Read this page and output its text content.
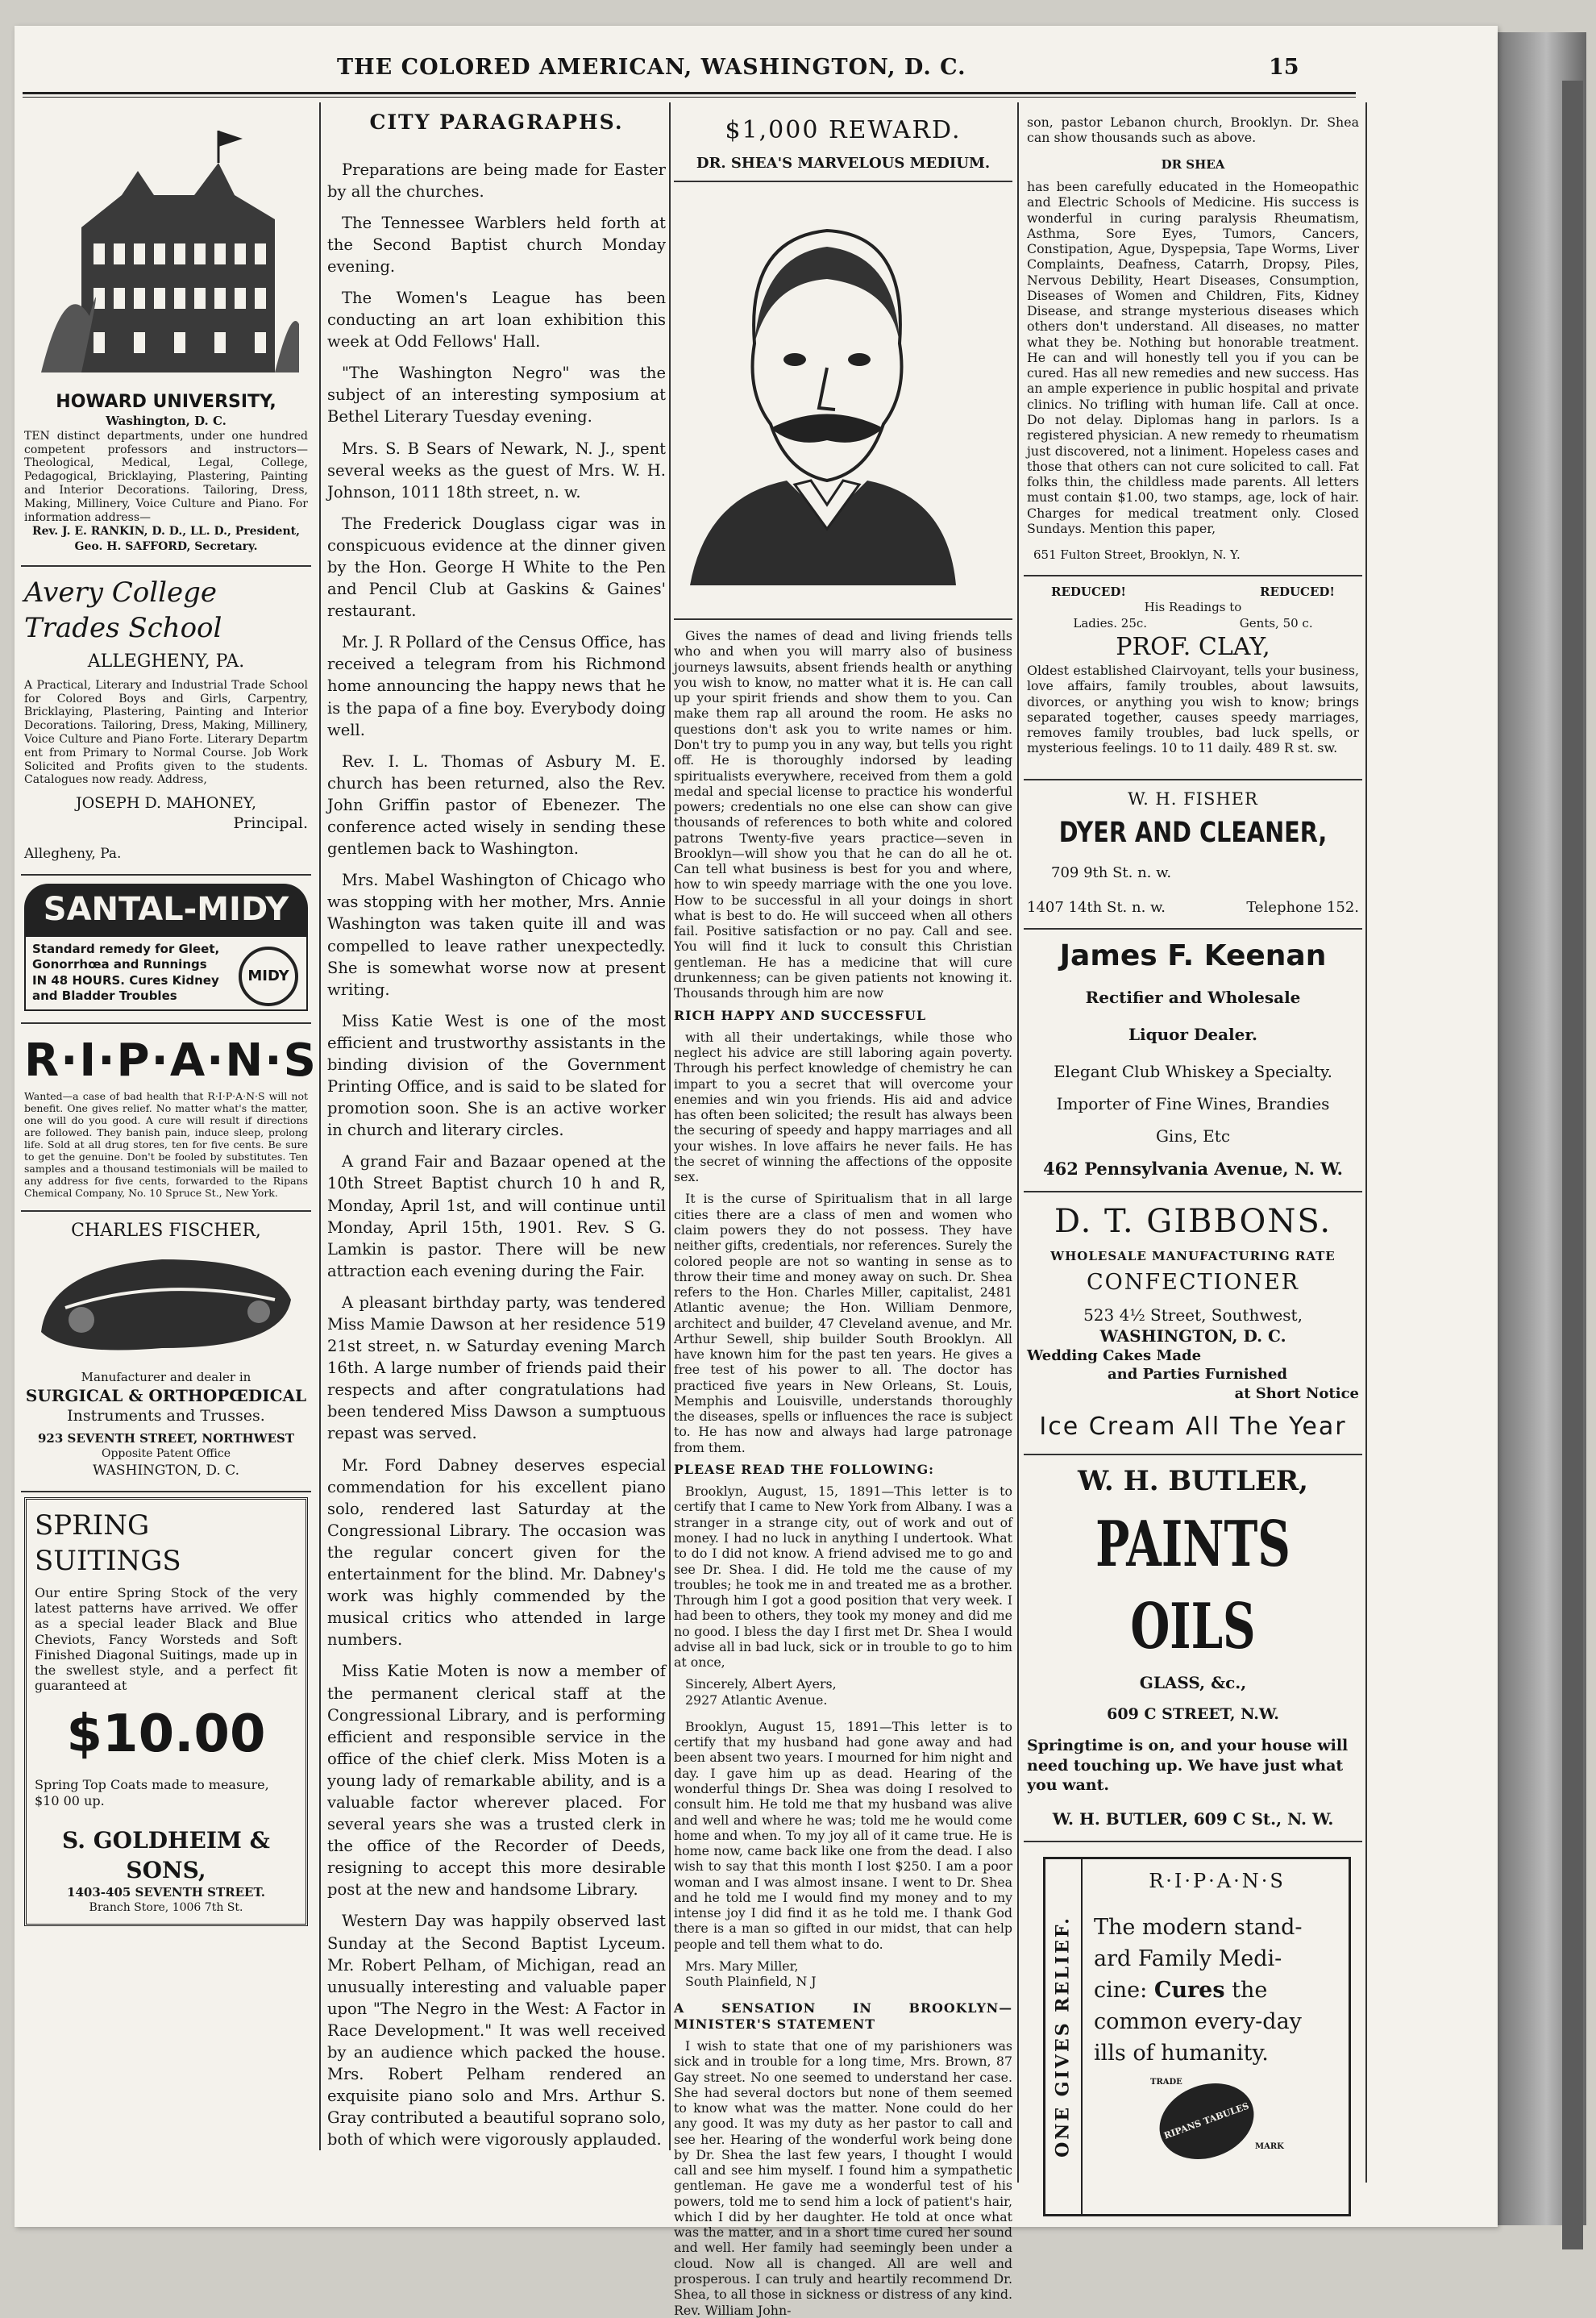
THE COLORED AMERICAN, WASHINGTON, D. C.	15
HOWARD UNIVERSITY,
Washington, D. C.
TEN distinct departments, under one hundred competent professors and instructors—Theological, Medical, Legal, College, Pedagogical, Bricklaying, Plastering, Painting and Interior Decorations. Tailoring, Dress, Making, Millinery, Voice Culture and Piano. For information address—
Rev. J. E. RANKIN, D. D., LL. D., President,
Geo. H. SAFFORD, Secretary.
Avery College Trades School
ALLEGHENY, PA.
A Practical, Literary and Industrial Trade School for Colored Boys and Girls, Carpentry, Bricklaying, Plastering, Painting and Interior Decorations. Tailoring, Dress, Making, Millinery, Voice Culture and Piano Forte. Literary Departm ent from Primary to Normal Course. Job Work Solicited and Profits given to the students. Catalogues now ready. Address,
JOSEPH D. MAHONEY,
Principal.
Allegheny, Pa.
SANTAL-MIDY
Standard remedy for Gleet,
Gonorrhœa and Runnings
IN 48 HOURS. Cures Kidney and Bladder Troubles
MIDY
R·I·P·A·N·S
Wanted—a case of bad health that R·I·P·A·N·S will not benefit. One gives relief. No matter what's the matter, one will do you good. A cure will result if directions are followed. They banish pain, induce sleep, prolong life. Sold at all drug stores, ten for five cents. Be sure to get the genuine. Don't be fooled by substitutes. Ten samples and a thousand testimonials will be mailed to any address for five cents, forwarded to the Ripans Chemical Company, No. 10 Spruce St., New York.
CHARLES FISCHER,
Manufacturer and dealer in
SURGICAL & ORTHOPŒDICAL
Instruments and Trusses.
923 SEVENTH STREET, NORTHWEST
Opposite Patent Office
WASHINGTON, D. C.
SPRING
SUITINGS
Our entire Spring Stock of the very latest patterns have arrived. We offer as a special leader Black and Blue Cheviots, Fancy Worsteds and Soft Finished Diagonal Suitings, made up in the swellest style, and a perfect fit guaranteed at
$10.00
Spring Top Coats made to measure, $10 00 up.
S. GOLDHEIM & SONS,
1403-405 SEVENTH STREET.
Branch Store, 1006 7th St.
CITY PARAGRAPHS.

Preparations are being made for Easter by all the churches.

The Tennessee Warblers held forth at the Second Baptist church Monday evening.

The Women's League has been conducting an art loan exhibition this week at Odd Fellows' Hall.

"The Washington Negro" was the subject of an interesting symposium at Bethel Literary Tuesday evening.

Mrs. S. B Sears of Newark, N. J., spent several weeks as the guest of Mrs. W. H. Johnson, 1011 18th street, n. w.

The Frederick Douglass cigar was in conspicuous evidence at the dinner given by the Hon. George H White to the Pen and Pencil Club at Gaskins & Gaines' restaurant.

Mr. J. R Pollard of the Census Office, has received a telegram from his Richmond home announcing the happy news that he is the papa of a fine boy. Everybody doing well.

Rev. I. L. Thomas of Asbury M. E. church has been returned, also the Rev. John Griffin pastor of Ebenezer. The conference acted wisely in sending these gentlemen back to Washington.

Mrs. Mabel Washington of Chicago who was stopping with her mother, Mrs. Annie Washington was taken quite ill and was compelled to leave rather unexpectedly. She is somewhat worse now at present writing.

Miss Katie West is one of the most efficient and trustworthy assistants in the binding division of the Government Printing Office, and is said to be slated for promotion soon. She is an active worker in church and literary circles.

A grand Fair and Bazaar opened at the 10th Street Baptist church 10 h and R, Monday, April 1st, and will continue until Monday, April 15th, 1901. Rev. S G. Lamkin is pastor. There will be new attraction each evening during the Fair.

A pleasant birthday party, was tendered Miss Mamie Dawson at her residence 519 21st street, n. w Saturday evening March 16th. A large number of friends paid their respects and after congratulations had been tendered Miss Dawson a sumptuous repast was served.

Mr. Ford Dabney deserves especial commendation for his excellent piano solo, rendered last Saturday at the Congressional Library. The occasion was the regular concert given for the entertainment for the blind. Mr. Dabney's work was highly commended by the musical critics who attended in large numbers.

Miss Katie Moten is now a member of the permanent clerical staff at the Congressional Library, and is performing efficient and responsible service in the office of the chief clerk. Miss Moten is a young lady of remarkable ability, and is a valuable factor wherever placed. For several years she was a trusted clerk in the office of the Recorder of Deeds, resigning to accept this more desirable post at the new and handsome Library.

Western Day was happily observed last Sunday at the Second Baptist Lyceum. Mr. Robert Pelham, of Michigan, read an unusually interesting and valuable paper upon "The Negro in the West: A Factor in Race Development." It was well received by an audience which packed the house. Mrs. Robert Pelham rendered an exquisite piano solo and Mrs. Arthur S. Gray contributed a beautiful soprano solo, both of which were vigorously applauded.

$1,000 REWARD.
DR. SHEA'S MARVELOUS MEDIUM.

Gives the names of dead and living friends tells who and when you will marry also of business journeys lawsuits, absent friends health or anything you wish to know, no matter what it is. He can call up your spirit friends and show them to you. Can make them rap all around the room. He asks no questions don't ask you to write names or him. Don't try to pump you in any way, but tells you right off. He is thoroughly indorsed by leading spiritualists everywhere, received from them a gold medal and special license to practice his wonderful powers; credentials no one else can show can give thousands of references to both white and colored patrons Twenty-five years practice—seven in Brooklyn—will show you that he can do all he ot. Can tell what business is best for you and where, how to win speedy marriage with the one you love. How to be successful in all your doings in short what is best to do. He will succeed when all others fail. Positive satisfaction or no pay. Call and see. You will find it luck to consult this Christian gentleman. He has a medicine that will cure drunkenness; can be given patients not knowing it. Thousands through him are now

RICH HAPPY AND SUCCESSFUL

with all their undertakings, while those who neglect his advice are still laboring again poverty. Through his perfect knowledge of chemistry he can impart to you a secret that will overcome your enemies and win you friends. His aid and advice has often been solicited; the result has always been the securing of speedy and happy marriages and all your wishes. In love affairs he never fails. He has the secret of winning the affections of the opposite sex.

It is the curse of Spiritualism that in all large cities there are a class of men and women who claim powers they do not possess. They have neither gifts, credentials, nor references. Surely the colored people are not so wanting in sense as to throw their time and money away on such. Dr. Shea refers to the Hon. Charles Miller, capitalist, 2481 Atlantic avenue; the Hon. William Denmore, architect and builder, 47 Cleveland avenue, and Mr. Arthur Sewell, ship builder South Brooklyn. All have known him for the past ten years. He gives a free test of his power to all. The doctor has practiced five years in New Orleans, St. Louis, Memphis and Louisville, understands thoroughly the diseases, spells or influences the race is subject to. He has now and always had large patronage from them.

PLEASE READ THE FOLLOWING:

Brooklyn, August, 15, 1891—This letter is to certify that I came to New York from Albany. I was a stranger in a strange city, out of work and out of money. I had no luck in anything I undertook. What to do I did not know. A friend advised me to go and see Dr. Shea. I did. He told me the cause of my troubles; he took me in and treated me as a brother. Through him I got a good position that very week. I had been to others, they took my money and did me no good. I bless the day I first met Dr. Shea I would advise all in bad luck, sick or in trouble to go to him at once,

Sincerely, Albert Ayers,

2927 Atlantic Avenue.

Brooklyn, August 15, 1891—This letter is to certify that my husband had gone away and had been absent two years. I mourned for him night and day. I gave him up as dead. Hearing of the wonderful things Dr. Shea was doing I resolved to consult him. He told me that my husband was alive and well and where he was; told me he would come home and when. To my joy all of it came true. He is home now, came back like one from the dead. I also wish to say that this month I lost $250. I am a poor woman and I was almost insane. I went to Dr. Shea and he told me I would find my money and to my intense joy I did find it as he told me. I thank God there is a man so gifted in our midst, that can help people and tell them what to do.

Mrs. Mary Miller,

South Plainfield, N J

A SENSATION IN BROOKLYN—MINISTER'S STATEMENT

I wish to state that one of my parishioners was sick and in trouble for a long time, Mrs. Brown, 87 Gay street. No one seemed to understand her case. She had several doctors but none of them seemed to know what was the matter. None could do her any good. It was my duty as her pastor to call and see her. Hearing of the wonderful work being done by Dr. Shea the last few years, I thought I would call and see him myself. I found him a sympathetic gentleman. He gave me a wonderful test of his powers, told me to send him a lock of patient's hair, which I did by her daughter. He told at once what was the matter, and in a short time cured her sound and well. Her family had seemingly been under a cloud. Now all is changed. All are well and prosperous. I can truly and heartily recommend Dr. Shea, to all those in sickness or distress of any kind. Rev. William John-

son, pastor Lebanon church, Brooklyn. Dr. Shea can show thousands such as above.

DR SHEA

has been carefully educated in the Homeopathic and Electric Schools of Medicine. His success is wonderful in curing paralysis Rheumatism, Asthma, Sore Eyes, Tumors, Cancers, Constipation, Ague, Dyspepsia, Tape Worms, Liver Complaints, Deafness, Catarrh, Dropsy, Piles, Nervous Debility, Heart Diseases, Consumption, Diseases of Women and Children, Fits, Kidney Disease, and strange mysterious diseases which others don't understand. All diseases, no matter what they be. Nothing but honorable treatment. He can and will honestly tell you if you can be cured. Has all new remedies and new success. Has an ample experience in public hospital and private clinics. No trifling with human life. Call at once. Do not delay. Diplomas hang in parlors. Is a registered physician. A new remedy to rheumatism just discovered, not a liniment. Hopeless cases and those that others can not cure solicited to call. Fat folks thin, the childless made parents. All letters must contain $1.00, two stamps, age, lock of hair. Charges for medical treatment only. Closed Sundays. Mention this paper,

651 Fulton Street, Brooklyn, N. Y.
REDUCED!	REDUCED!
His Readings to
Ladies. 25c.	Gents, 50 c.
PROF. CLAY,

Oldest established Clairvoyant, tells your business, love affairs, family troubles, about lawsuits, divorces, or anything you wish to know; brings separated together, causes speedy marriages, removes family troubles, bad luck spells, or mysterious feelings. 10 to 11 daily. 489 R st. sw.

W. H. FISHER
DYER AND CLEANER,
709 9th St. n. w.
1407 14th St. n. w.	Telephone 152.
James F. Keenan
Rectifier and Wholesale
Liquor Dealer.
Elegant Club Whiskey a Specialty.
Importer of Fine Wines, Brandies
Gins, Etc
462 Pennsylvania Avenue, N. W.
D. T. GIBBONS.
WHOLESALE MANUFACTURING RATE
CONFECTIONER
523 4½ Street, Southwest,
WASHINGTON, D. C.
Wedding Cakes Made
and Parties Furnished
at Short Notice
Ice Cream All The Year
W. H. BUTLER,
PAINTS OILS
GLASS, &c.,
609 C STREET, N.W.
Springtime is on, and your house will need touching up. We have just what you want.
W. H. BUTLER, 609 C St., N. W.
ONE GIVES RELIEF.
R·I·P·A·N·S
The modern stand-
ard Family Medi-
cine: Cures the
common every-day
ills of humanity.
TRADE
RIPANS TABULES
MARK
